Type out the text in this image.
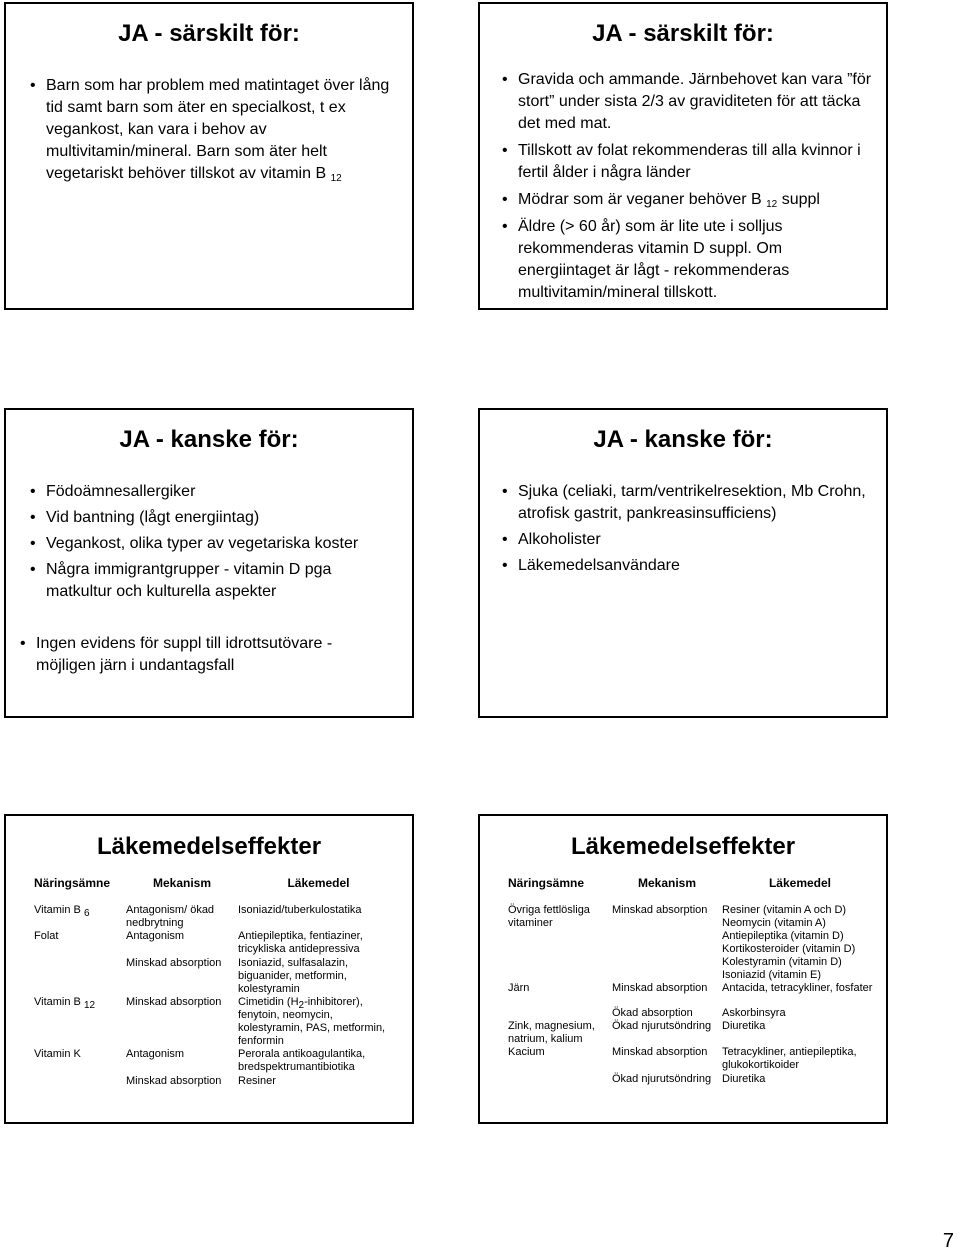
JA - särskilt för:
• Barn som har problem med matintaget över lång tid samt barn som äter en specialkost, t ex vegankost, kan vara i behov av multivitamin/mineral. Barn som äter helt vegetariskt behöver tillskot av vitamin B $_{12}$
JA - särskilt för:
• Gravida och ammande. Järnbehovet kan vara ”för stort” under sista 2/3 av graviditeten för att täcka det med mat.
• Tillskott av folat rekommenderas till alla kvinnor i fertil ålder i några länder
• Mödrar som är veganer behöver B $_{12}$ suppl
• Äldre (> 60 år) som är lite ute i solljus rekommenderas vitamin D suppl. Om energiintaget är lågt - rekommenderas multivitamin/mineral tillskott.
JA - kanske för:
• Födoämnesallergiker
• Vid bantning (lågt energiintag)
• Vegankost, olika typer av vegetariska koster
• Några immigrantgrupper - vitamin D pga matkultur och kulturella aspekter
• Ingen evidens för suppl till idrottsutövare - möjligen järn i undantagsfall
JA - kanske för:
• Sjuka (celiaki, tarm/ventrikelresektion, Mb Crohn, atrofisk gastrit, pankreasinsufficiens)
• Alkoholister
• Läkemedelsanvändare
Läkemedelseffekter
Näringsämne	Mekanism	Läkemedel
Vitamin B $_6$	Antagonism/ ökad nedbrytning	Isoniazid/tuberkulostatika
Folat	Antagonism	Antiepileptika, fentiaziner, tricykliska antidepressiva
	Minskad absorption	Isoniazid, sulfasalazin, biguanider, metformin, kolestyramin
Vitamin B $_{12}$	Minskad absorption	Cimetidin $(H_2-inhibitorer)$, fenytoin, neomycin, kolestyramin, PAS, metformin, fenformin
Vitamin K	Antagonism	Perorala antikoagulantika, bredspektrumantibiotika
	Minskad absorption	Resiner
Läkemedelseffekter
Näringsämne	Mekanism	Läkemedel
Övriga fettlösliga vitaminer	Minskad absorption	Resiner (vitamin A och D) Neomycin (vitamin A) Antiepileptika (vitamin D) Kortikosteroider (vitamin D) Kolestyramin (vitamin D) Isoniazid (vitamin E)
Järn	Minskad absorption	Antacida, tetracykliner, fosfater
	Ökad absorption	Askorbinsyra
Zink, magnesium, natrium, kalium	Ökad njurutsöndring	Diuretika
Kacium	Minskad absorption	Tetracykliner, antiepileptika, glukokortikoider
	Ökad njurutsöndring	Diuretika
7
